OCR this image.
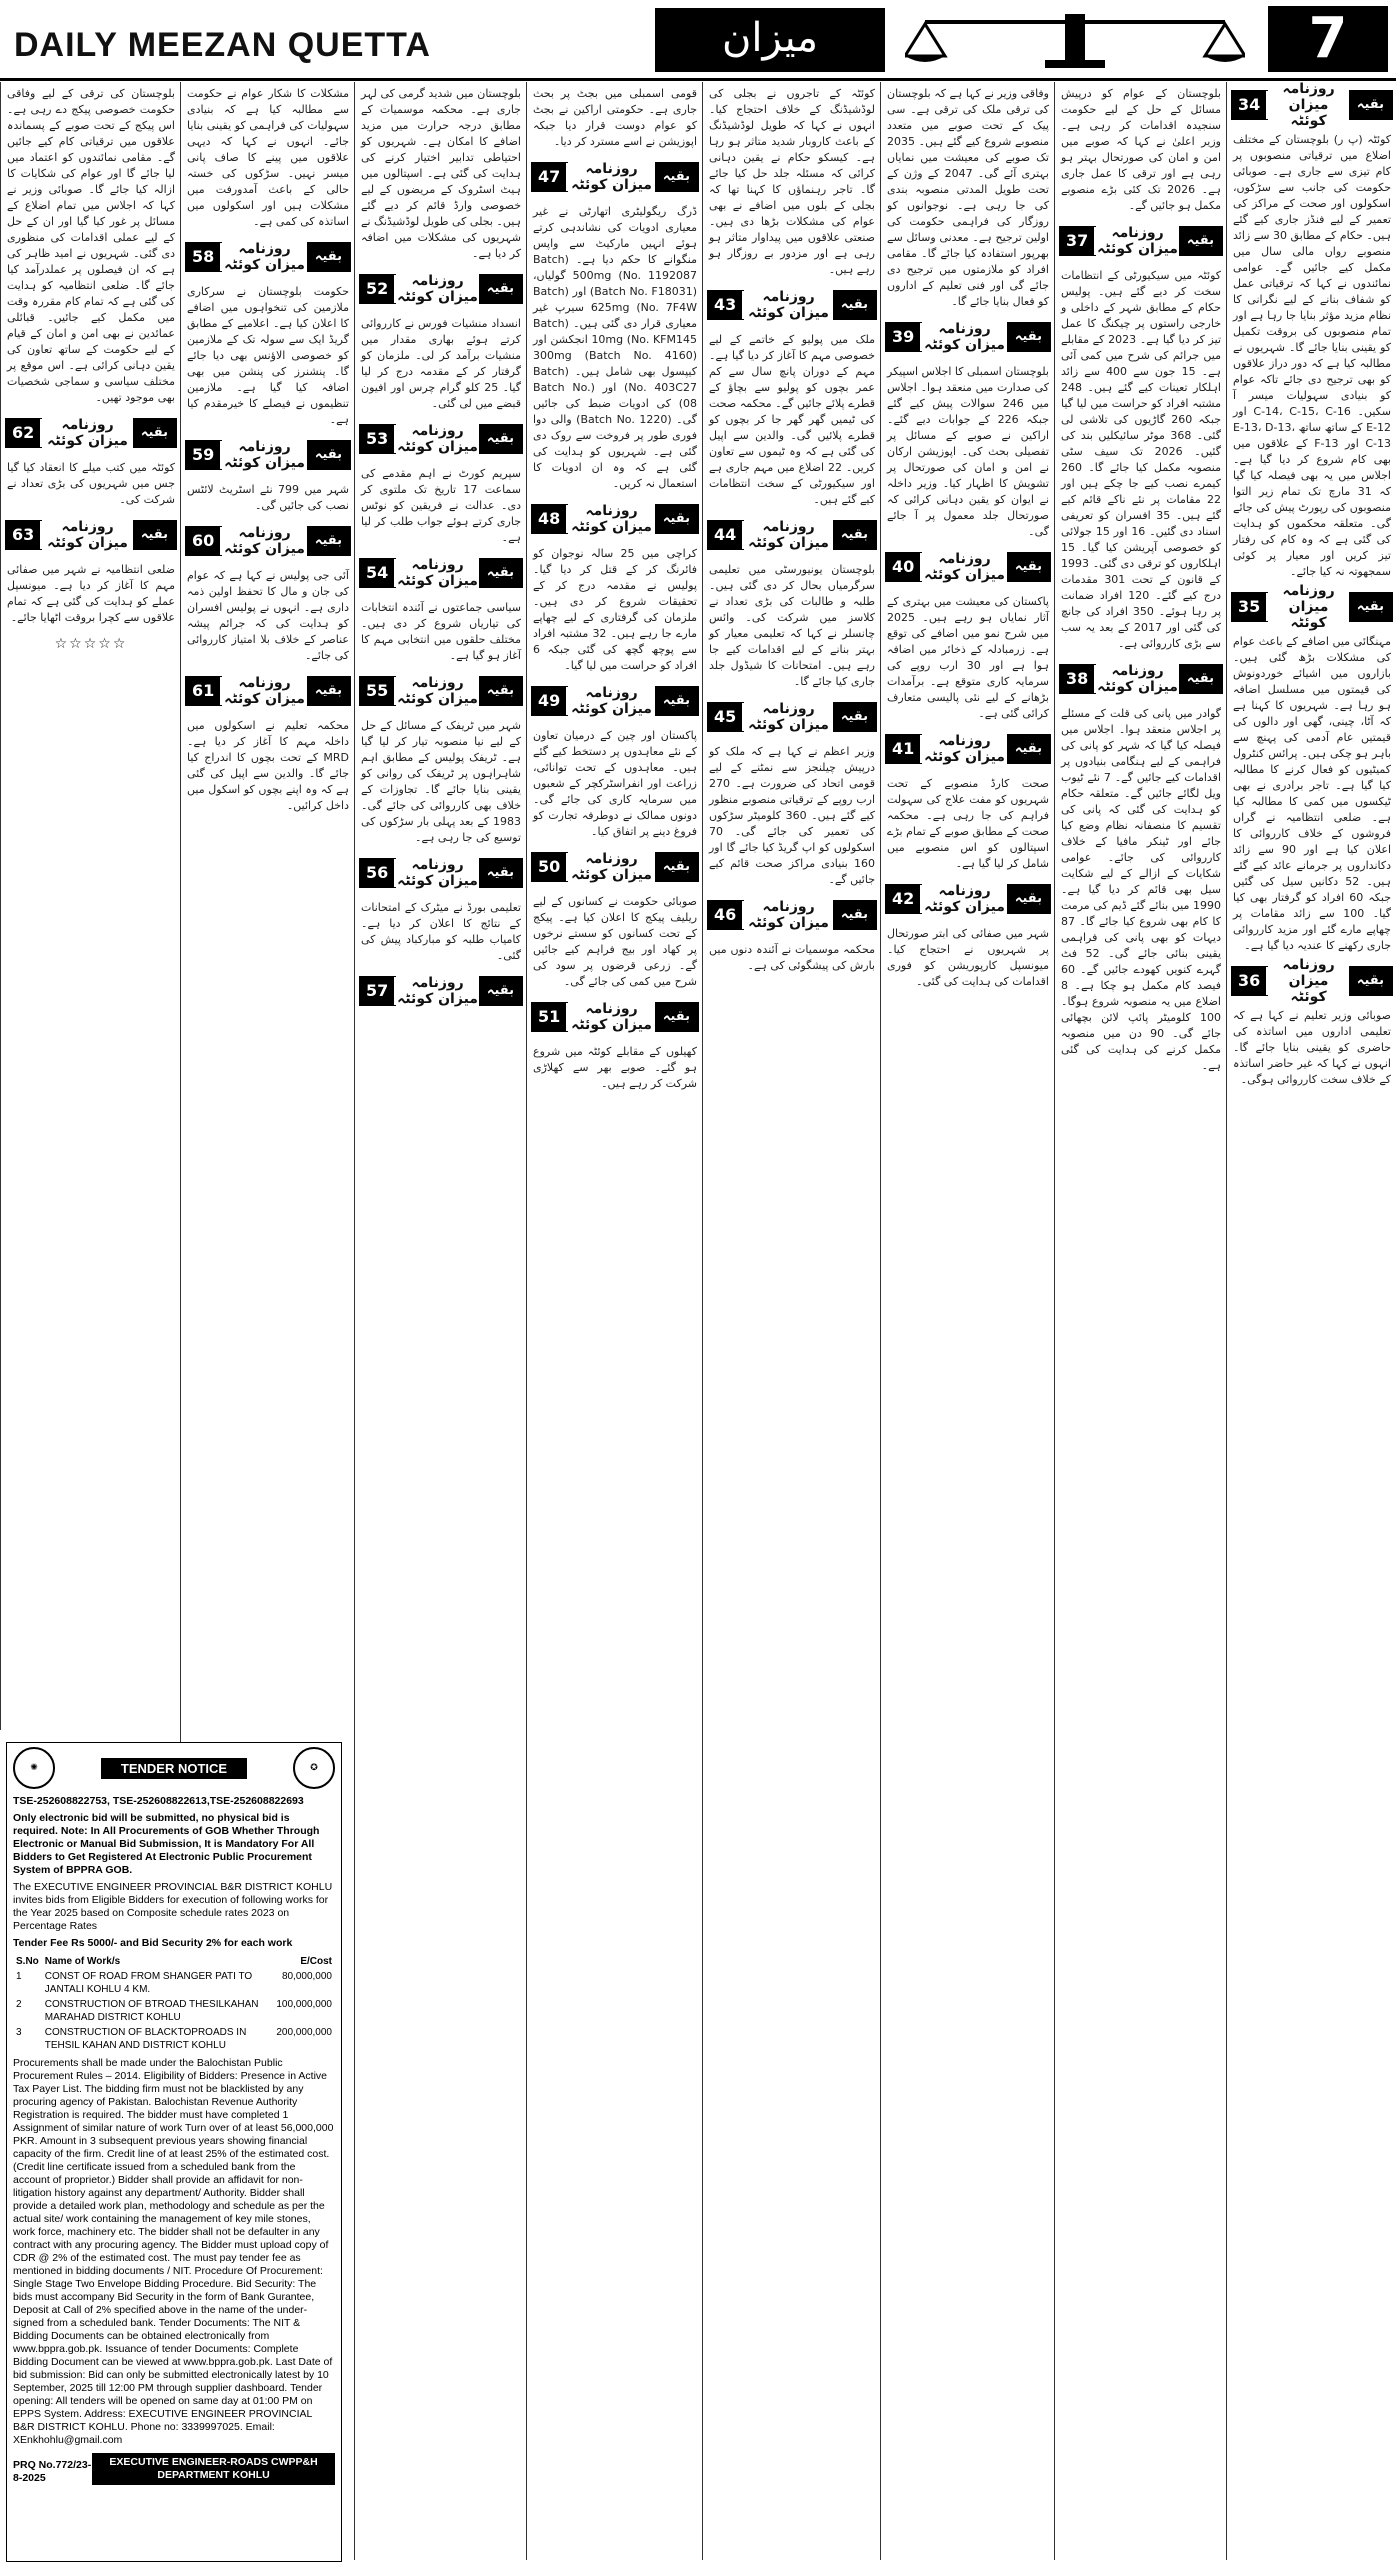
DAILY MEEZAN QUETTA	میزان	7
بقیہ
روزنامہ میزان کوئٹہ
34
کوئٹہ (پ ر) بلوچستان کے مختلف اضلاع میں ترقیاتی منصوبوں پر کام تیزی سے جاری ہے۔ صوبائی حکومت کی جانب سے سڑکوں، اسکولوں اور صحت کے مراکز کی تعمیر کے لیے فنڈز جاری کیے گئے ہیں۔ حکام کے مطابق 30 سے زائد منصوبے رواں مالی سال میں مکمل کیے جائیں گے۔ عوامی نمائندوں نے کہا کہ ترقیاتی عمل کو شفاف بنانے کے لیے نگرانی کا نظام مزید مؤثر بنایا جا رہا ہے اور تمام منصوبوں کی بروقت تکمیل کو یقینی بنایا جائے گا۔ شہریوں نے مطالبہ کیا ہے کہ دور دراز علاقوں کو بھی ترجیح دی جائے تاکہ عوام کو بنیادی سہولیات میسر آ سکیں۔ C-14، C-15، C-16 اور E-12 کے ساتھ ساتھ E-13، D-13، C-13 اور F-13 کے علاقوں میں بھی کام شروع کر دیا گیا ہے۔ اجلاس میں یہ بھی فیصلہ کیا گیا کہ 31 مارچ تک تمام زیر التوا منصوبوں کی رپورٹ پیش کی جائے گی۔ متعلقہ محکموں کو ہدایت کی گئی ہے کہ وہ کام کی رفتار تیز کریں اور معیار پر کوئی سمجھوتہ نہ کیا جائے۔
بقیہ
روزنامہ میزان کوئٹہ
35
مہنگائی میں اضافے کے باعث عوام کی مشکلات بڑھ گئی ہیں۔ بازاروں میں اشیائے خوردونوش کی قیمتوں میں مسلسل اضافہ ہو رہا ہے۔ شہریوں کا کہنا ہے کہ آٹا، چینی، گھی اور دالوں کی قیمتیں عام آدمی کی پہنچ سے باہر ہو چکی ہیں۔ پرائس کنٹرول کمیٹیوں کو فعال کرنے کا مطالبہ کیا گیا ہے۔ تاجر برادری نے بھی ٹیکسوں میں کمی کا مطالبہ کیا ہے۔ ضلعی انتظامیہ نے گراں فروشوں کے خلاف کارروائی کا اعلان کیا ہے اور 90 سے زائد دکانداروں پر جرمانے عائد کیے گئے ہیں۔ 52 دکانیں سیل کی گئیں جبکہ 60 افراد کو گرفتار بھی کیا گیا۔ 100 سے زائد مقامات پر چھاپے مارے گئے اور مزید کارروائی جاری رکھنے کا عندیہ دیا گیا ہے۔
بقیہ
روزنامہ میزان کوئٹہ
36
صوبائی وزیر تعلیم نے کہا ہے کہ تعلیمی اداروں میں اساتذہ کی حاضری کو یقینی بنایا جائے گا۔ انہوں نے کہا کہ غیر حاضر اساتذہ کے خلاف سخت کارروائی ہوگی۔
بلوچستان کے عوام کو درپیش مسائل کے حل کے لیے حکومت سنجیدہ اقدامات کر رہی ہے۔ وزیر اعلیٰ نے کہا کہ صوبے میں امن و امان کی صورتحال بہتر ہو رہی ہے اور ترقی کا عمل جاری ہے۔ 2026 تک کئی بڑے منصوبے مکمل ہو جائیں گے۔
بقیہ
روزنامہ میزان کوئٹہ
37
کوئٹہ میں سیکیورٹی کے انتظامات سخت کر دیے گئے ہیں۔ پولیس حکام کے مطابق شہر کے داخلی و خارجی راستوں پر چیکنگ کا عمل تیز کر دیا گیا ہے۔ 2023 کے مقابلے میں جرائم کی شرح میں کمی آئی ہے۔ 15 جون سے 400 سے زائد اہلکار تعینات کیے گئے ہیں۔ 248 مشتبہ افراد کو حراست میں لیا گیا جبکہ 260 گاڑیوں کی تلاشی لی گئی۔ 368 موٹر سائیکلیں بند کی گئیں۔ 2026 تک سیف سٹی منصوبہ مکمل کیا جائے گا۔ 260 کیمرے نصب کیے جا چکے ہیں اور 22 مقامات پر نئے ناکے قائم کیے گئے ہیں۔ 35 افسران کو تعریفی اسناد دی گئیں۔ 16 اور 15 جولائی کو خصوصی آپریشن کیا گیا۔ 15 اہلکاروں کو ترقی دی گئی۔ 1993 کے قانون کے تحت 301 مقدمات درج کیے گئے۔ 120 افراد ضمانت پر رہا ہوئے۔ 350 افراد کی جانچ کی گئی اور 2017 کے بعد یہ سب سے بڑی کارروائی ہے۔
بقیہ
روزنامہ میزان کوئٹہ
38
گوادر میں پانی کی قلت کے مسئلے پر اجلاس منعقد ہوا۔ اجلاس میں فیصلہ کیا گیا کہ شہر کو پانی کی فراہمی کے لیے ہنگامی بنیادوں پر اقدامات کیے جائیں گے۔ 7 نئے ٹیوب ویل لگائے جائیں گے۔ متعلقہ حکام کو ہدایت کی گئی کہ پانی کی تقسیم کا منصفانہ نظام وضع کیا جائے اور ٹینکر مافیا کے خلاف کارروائی کی جائے۔ عوامی شکایات کے ازالے کے لیے شکایت سیل بھی قائم کر دیا گیا ہے۔ 1990 میں بنائے گئے ڈیم کی مرمت کا کام بھی شروع کیا جائے گا۔ 87 دیہات کو بھی پانی کی فراہمی یقینی بنائی جائے گی۔ 52 فٹ گہرے کنویں کھودے جائیں گے۔ 60 فیصد کام مکمل ہو چکا ہے۔ 8 اضلاع میں یہ منصوبہ شروع ہوگا۔ 100 کلومیٹر پائپ لائن بچھائی جائے گی۔ 90 دن میں منصوبہ مکمل کرنے کی ہدایت کی گئی ہے۔
وفاقی وزیر نے کہا ہے کہ بلوچستان کی ترقی ملک کی ترقی ہے۔ سی پیک کے تحت صوبے میں متعدد منصوبے شروع کیے گئے ہیں۔ 2035 تک صوبے کی معیشت میں نمایاں بہتری آئے گی۔ 2047 کے وژن کے تحت طویل المدتی منصوبہ بندی کی جا رہی ہے۔ نوجوانوں کو روزگار کی فراہمی حکومت کی اولین ترجیح ہے۔ معدنی وسائل سے بھرپور استفادہ کیا جائے گا۔ مقامی افراد کو ملازمتوں میں ترجیح دی جائے گی اور فنی تعلیم کے اداروں کو فعال بنایا جائے گا۔
بقیہ
روزنامہ میزان کوئٹہ
39
بلوچستان اسمبلی کا اجلاس اسپیکر کی صدارت میں منعقد ہوا۔ اجلاس میں 246 سوالات پیش کیے گئے جبکہ 226 کے جوابات دیے گئے۔ اراکین نے صوبے کے مسائل پر تفصیلی بحث کی۔ اپوزیشن ارکان نے امن و امان کی صورتحال پر تشویش کا اظہار کیا۔ وزیر داخلہ نے ایوان کو یقین دہانی کرائی کہ صورتحال جلد معمول پر آ جائے گی۔
بقیہ
روزنامہ میزان کوئٹہ
40
پاکستان کی معیشت میں بہتری کے آثار نمایاں ہو رہے ہیں۔ 2025 میں شرح نمو میں اضافے کی توقع ہے۔ زرمبادلہ کے ذخائر میں اضافہ ہوا ہے اور 30 ارب روپے کی سرمایہ کاری متوقع ہے۔ برآمدات بڑھانے کے لیے نئی پالیسی متعارف کرائی گئی ہے۔
بقیہ
روزنامہ میزان کوئٹہ
41
صحت کارڈ منصوبے کے تحت شہریوں کو مفت علاج کی سہولت فراہم کی جا رہی ہے۔ محکمہ صحت کے مطابق صوبے کے تمام بڑے اسپتالوں کو اس منصوبے میں شامل کر لیا گیا ہے۔
بقیہ
روزنامہ میزان کوئٹہ
42
شہر میں صفائی کی ابتر صورتحال پر شہریوں نے احتجاج کیا۔ میونسپل کارپوریشن کو فوری اقدامات کی ہدایت کی گئی۔
کوئٹہ کے تاجروں نے بجلی کی لوڈشیڈنگ کے خلاف احتجاج کیا۔ انہوں نے کہا کہ طویل لوڈشیڈنگ کے باعث کاروبار شدید متاثر ہو رہا ہے۔ کیسکو حکام نے یقین دہانی کرائی کہ مسئلہ جلد حل کیا جائے گا۔ تاجر رہنماؤں کا کہنا تھا کہ بجلی کے بلوں میں اضافے نے بھی عوام کی مشکلات بڑھا دی ہیں۔ صنعتی علاقوں میں پیداوار متاثر ہو رہی ہے اور مزدور بے روزگار ہو رہے ہیں۔
بقیہ
روزنامہ میزان کوئٹہ
43
ملک میں پولیو کے خاتمے کے لیے خصوصی مہم کا آغاز کر دیا گیا ہے۔ مہم کے دوران پانچ سال سے کم عمر بچوں کو پولیو سے بچاؤ کے قطرے پلائے جائیں گے۔ محکمہ صحت کی ٹیمیں گھر گھر جا کر بچوں کو قطرے پلائیں گی۔ والدین سے اپیل کی گئی ہے کہ وہ ٹیموں سے تعاون کریں۔ 22 اضلاع میں مہم جاری ہے اور سیکیورٹی کے سخت انتظامات کیے گئے ہیں۔
بقیہ
روزنامہ میزان کوئٹہ
44
بلوچستان یونیورسٹی میں تعلیمی سرگرمیاں بحال کر دی گئی ہیں۔ طلبہ و طالبات کی بڑی تعداد نے کلاسز میں شرکت کی۔ وائس چانسلر نے کہا کہ تعلیمی معیار کو بہتر بنانے کے لیے اقدامات کیے جا رہے ہیں۔ امتحانات کا شیڈول جلد جاری کیا جائے گا۔
بقیہ
روزنامہ میزان کوئٹہ
45
وزیر اعظم نے کہا ہے کہ ملک کو درپیش چیلنجز سے نمٹنے کے لیے قومی اتحاد کی ضرورت ہے۔ 270 ارب روپے کے ترقیاتی منصوبے منظور کیے گئے ہیں۔ 360 کلومیٹر سڑکوں کی تعمیر کی جائے گی۔ 70 اسکولوں کو اپ گریڈ کیا جائے گا اور 160 بنیادی مراکز صحت قائم کیے جائیں گے۔
بقیہ
روزنامہ میزان کوئٹہ
46
محکمہ موسمیات نے آئندہ دنوں میں بارش کی پیشگوئی کی ہے۔
قومی اسمبلی میں بجٹ پر بحث جاری ہے۔ حکومتی اراکین نے بجٹ کو عوام دوست قرار دیا جبکہ اپوزیشن نے اسے مسترد کر دیا۔
بقیہ
روزنامہ میزان کوئٹہ
47
ڈرگ ریگولیٹری اتھارٹی نے غیر معیاری ادویات کی نشاندہی کرتے ہوئے انہیں مارکیٹ سے واپس منگوانے کا حکم دیا ہے۔ (Batch No. 1192087) 500mg گولیاں، (Batch No. F18031) اور (Batch No. 7F4W) 625mg سیرپ غیر معیاری قرار دی گئی ہیں۔ (Batch No. KFM145) 10mg انجکشن اور (Batch No. 4160) 300mg کیپسول بھی شامل ہیں۔ (Batch No. 403C27) اور (Batch No. 08) کی ادویات ضبط کی جائیں گی۔ (Batch No. 1220) والی دوا فوری طور پر فروخت سے روک دی گئی ہے۔ شہریوں کو ہدایت کی گئی ہے کہ وہ ان ادویات کا استعمال نہ کریں۔
بقیہ
روزنامہ میزان کوئٹہ
48
کراچی میں 25 سالہ نوجوان کو فائرنگ کر کے قتل کر دیا گیا۔ پولیس نے مقدمہ درج کر کے تحقیقات شروع کر دی ہیں۔ ملزمان کی گرفتاری کے لیے چھاپے مارے جا رہے ہیں۔ 32 مشتبہ افراد سے پوچھ گچھ کی گئی جبکہ 6 افراد کو حراست میں لیا گیا۔
بقیہ
روزنامہ میزان کوئٹہ
49
پاکستان اور چین کے درمیان تعاون کے نئے معاہدوں پر دستخط کیے گئے ہیں۔ معاہدوں کے تحت توانائی، زراعت اور انفراسٹرکچر کے شعبوں میں سرمایہ کاری کی جائے گی۔ دونوں ممالک نے دوطرفہ تجارت کو فروغ دینے پر اتفاق کیا۔
بقیہ
روزنامہ میزان کوئٹہ
50
صوبائی حکومت نے کسانوں کے لیے ریلیف پیکج کا اعلان کیا ہے۔ پیکج کے تحت کسانوں کو سستے نرخوں پر کھاد اور بیج فراہم کیے جائیں گے۔ زرعی قرضوں پر سود کی شرح میں کمی کی جائے گی۔
بقیہ
روزنامہ میزان کوئٹہ
51
کھیلوں کے مقابلے کوئٹہ میں شروع ہو گئے۔ صوبے بھر سے کھلاڑی شرکت کر رہے ہیں۔
بلوچستان میں شدید گرمی کی لہر جاری ہے۔ محکمہ موسمیات کے مطابق درجہ حرارت میں مزید اضافے کا امکان ہے۔ شہریوں کو احتیاطی تدابیر اختیار کرنے کی ہدایت کی گئی ہے۔ اسپتالوں میں ہیٹ اسٹروک کے مریضوں کے لیے خصوصی وارڈ قائم کر دیے گئے ہیں۔ بجلی کی طویل لوڈشیڈنگ نے شہریوں کی مشکلات میں اضافہ کر دیا ہے۔
بقیہ
روزنامہ میزان کوئٹہ
52
انسداد منشیات فورس نے کارروائی کرتے ہوئے بھاری مقدار میں منشیات برآمد کر لی۔ ملزمان کو گرفتار کر کے مقدمہ درج کر لیا گیا۔ 25 کلو گرام چرس اور افیون قبضے میں لی گئی۔
بقیہ
روزنامہ میزان کوئٹہ
53
سپریم کورٹ نے اہم مقدمے کی سماعت 17 تاریخ تک ملتوی کر دی۔ عدالت نے فریقین کو نوٹس جاری کرتے ہوئے جواب طلب کر لیا ہے۔
بقیہ
روزنامہ میزان کوئٹہ
54
سیاسی جماعتوں نے آئندہ انتخابات کی تیاریاں شروع کر دی ہیں۔ مختلف حلقوں میں انتخابی مہم کا آغاز ہو گیا ہے۔
بقیہ
روزنامہ میزان کوئٹہ
55
شہر میں ٹریفک کے مسائل کے حل کے لیے نیا منصوبہ تیار کر لیا گیا ہے۔ ٹریفک پولیس کے مطابق اہم شاہراہوں پر ٹریفک کی روانی کو یقینی بنایا جائے گا۔ تجاوزات کے خلاف بھی کارروائی کی جائے گی۔ 1983 کے بعد پہلی بار سڑکوں کی توسیع کی جا رہی ہے۔
بقیہ
روزنامہ میزان کوئٹہ
56
تعلیمی بورڈ نے میٹرک کے امتحانات کے نتائج کا اعلان کر دیا ہے۔ کامیاب طلبہ کو مبارکباد پیش کی گئی۔
بقیہ
روزنامہ میزان کوئٹہ
57
مشکلات کا شکار عوام نے حکومت سے مطالبہ کیا ہے کہ بنیادی سہولیات کی فراہمی کو یقینی بنایا جائے۔ انہوں نے کہا کہ دیہی علاقوں میں پینے کا صاف پانی میسر نہیں۔ سڑکوں کی خستہ حالی کے باعث آمدورفت میں مشکلات ہیں اور اسکولوں میں اساتذہ کی کمی ہے۔
بقیہ
روزنامہ میزان کوئٹہ
58
حکومت بلوچستان نے سرکاری ملازمین کی تنخواہوں میں اضافے کا اعلان کیا ہے۔ اعلامیے کے مطابق گریڈ ایک سے سولہ تک کے ملازمین کو خصوصی الاؤنس بھی دیا جائے گا۔ پنشنرز کی پنشن میں بھی اضافہ کیا گیا ہے۔ ملازمین تنظیموں نے فیصلے کا خیرمقدم کیا ہے۔
بقیہ
روزنامہ میزان کوئٹہ
59
شہر میں 799 نئے اسٹریٹ لائٹس نصب کی جائیں گی۔
بقیہ
روزنامہ میزان کوئٹہ
60
آئی جی پولیس نے کہا ہے کہ عوام کی جان و مال کا تحفظ اولین ذمہ داری ہے۔ انہوں نے پولیس افسران کو ہدایت کی کہ جرائم پیشہ عناصر کے خلاف بلا امتیاز کارروائی کی جائے۔
بقیہ
روزنامہ میزان کوئٹہ
61
محکمہ تعلیم نے اسکولوں میں داخلہ مہم کا آغاز کر دیا ہے۔ MRD کے تحت بچوں کا اندراج کیا جائے گا۔ والدین سے اپیل کی گئی ہے کہ وہ اپنے بچوں کو اسکول میں داخل کرائیں۔
بلوچستان کی ترقی کے لیے وفاقی حکومت خصوصی پیکج دے رہی ہے۔ اس پیکج کے تحت صوبے کے پسماندہ علاقوں میں ترقیاتی کام کیے جائیں گے۔ مقامی نمائندوں کو اعتماد میں لیا جائے گا اور عوام کی شکایات کا ازالہ کیا جائے گا۔ صوبائی وزیر نے کہا کہ اجلاس میں تمام اضلاع کے مسائل پر غور کیا گیا اور ان کے حل کے لیے عملی اقدامات کی منظوری دی گئی۔ شہریوں نے امید ظاہر کی ہے کہ ان فیصلوں پر عملدرآمد کیا جائے گا۔ ضلعی انتظامیہ کو ہدایت کی گئی ہے کہ تمام کام مقررہ وقت میں مکمل کیے جائیں۔ قبائلی عمائدین نے بھی امن و امان کے قیام کے لیے حکومت کے ساتھ تعاون کی یقین دہانی کرائی ہے۔ اس موقع پر مختلف سیاسی و سماجی شخصیات بھی موجود تھیں۔
بقیہ
روزنامہ میزان کوئٹہ
62
کوئٹہ میں کتب میلے کا انعقاد کیا گیا جس میں شہریوں کی بڑی تعداد نے شرکت کی۔
بقیہ
روزنامہ میزان کوئٹہ
63
ضلعی انتظامیہ نے شہر میں صفائی مہم کا آغاز کر دیا ہے۔ میونسپل عملے کو ہدایت کی گئی ہے کہ تمام علاقوں سے کچرا بروقت اٹھایا جائے۔
☆☆☆☆☆
✺	TENDER NOTICE	✪
TSE-252608822753, TSE-252608822613,TSE-252608822693
Only electronic bid will be submitted, no physical bid is required. Note: In All Procurements of GOB Whether Through Electronic or Manual Bid Submission, It is Mandatory For All Bidders to Get Registered At Electronic Public Procurement System of BPPRA GOB.
The EXECUTIVE ENGINEER PROVINCIAL B&R DISTRICT KOHLU invites bids from Eligible Bidders for execution of following works for the Year 2025 based on Composite schedule rates 2023 on Percentage Rates
Tender Fee Rs 5000/- and Bid Security 2% for each work
S.No	Name of Work/s	E/Cost
1	CONST OF ROAD FROM SHANGER PATI TO JANTALI KOHLU 4 KM.	80,000,000
2	CONSTRUCTION OF BTROAD THESILKAHAN MARAHAD DISTRICT KOHLU	100,000,000
3	CONSTRUCTION OF BLACKTOPROADS IN TEHSIL KAHAN AND DISTRICT KOHLU	200,000,000
Procurements shall be made under the Balochistan Public Procurement Rules – 2014. Eligibility of Bidders: Presence in Active Tax Payer List. The bidding firm must not be blacklisted by any procuring agency of Pakistan. Balochistan Revenue Authority Registration is required. The bidder must have completed 1 Assignment of similar nature of work Turn over of at least 56,000,000 PKR. Amount in 3 subsequent previous years showing financial capacity of the firm. Credit line of at least 25% of the estimated cost. (Credit line certificate issued from a scheduled bank from the account of proprietor.) Bidder shall provide an affidavit for non-litigation history against any department/ Authority. Bidder shall provide a detailed work plan, methodology and schedule as per the actual site/ work containing the management of key mile stones, work force, machinery etc. The bidder shall not be defaulter in any contract with any procuring agency. The Bidder must upload copy of CDR @ 2% of the estimated cost. The must pay tender fee as mentioned in bidding documents / NIT. Procedure Of Procurement: Single Stage Two Envelope Bidding Procedure. Bid Security: The bids must accompany Bid Security in the form of Bank Gurantee, Deposit at Call of 2% specified above in the name of the under-signed from a scheduled bank. Tender Documents: The NIT & Bidding Documents can be obtained electronically from www.bppra.gob.pk. Issuance of tender Documents: Complete Bidding Document can be viewed at www.bppra.gob.pk. Last Date of bid submission: Bid can only be submitted electronically latest by 10 September, 2025 till 12:00 PM through supplier dashboard. Tender opening: All tenders will be opened on same day at 01:00 PM on EPPS System. Address: EXECUTIVE ENGINEER PROVINCIAL B&R DISTRICT KOHLU. Phone no: 3339997025. Email: XEnkhohlu@gmail.com
PRQ No.772/23-8-2025
EXECUTIVE ENGINEER-ROADS CWPP&H DEPARTMENT KOHLU
